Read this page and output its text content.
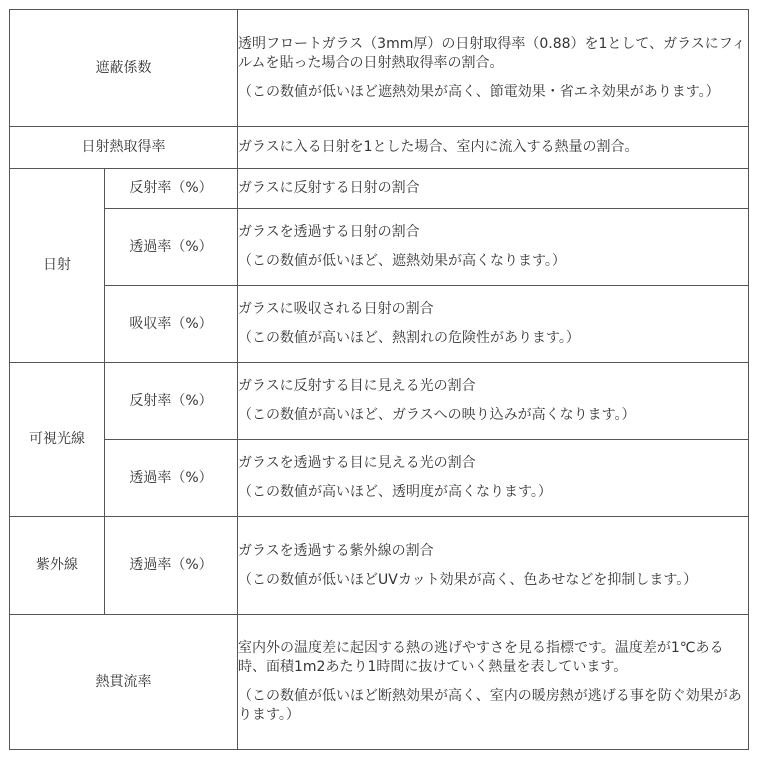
遮蔽係数		透明フロートガラス（3mm厚）の日射取得率（0.88）を1として、ガラスにフィルムを貼った場合の日射熱取得率の割合。

（この数値が低いほど遮熱効果が高く、節電効果・省エネ効果があります。）

日射熱取得率		ガラスに入る日射を1とした場合、室内に流入する熱量の割合。

日射	反射率（%）	ガラスに反射する日射の割合

	透過率（%）	ガラスを透過する日射の割合

（この数値が低いほど、遮熱効果が高くなります。）

	吸収率（%）	ガラスに吸収される日射の割合

（この数値が高いほど、熱割れの危険性があります。）

可視光線	反射率（%）	ガラスに反射する目に見える光の割合

（この数値が高いほど、ガラスへの映り込みが高くなります。）

	透過率（%）	ガラスを透過する目に見える光の割合

（この数値が高いほど、透明度が高くなります。）

紫外線	透過率（%）	ガラスを透過する紫外線の割合

（この数値が低いほどUVカット効果が高く、色あせなどを抑制します。）

熱貫流率		室内外の温度差に起因する熱の逃げやすさを見る指標です。温度差が1℃ある時、面積1m2あたり1時間に抜けていく熱量を表しています。

（この数値が低いほど断熱効果が高く、室内の暖房熱が逃げる事を防ぐ効果があります。）
